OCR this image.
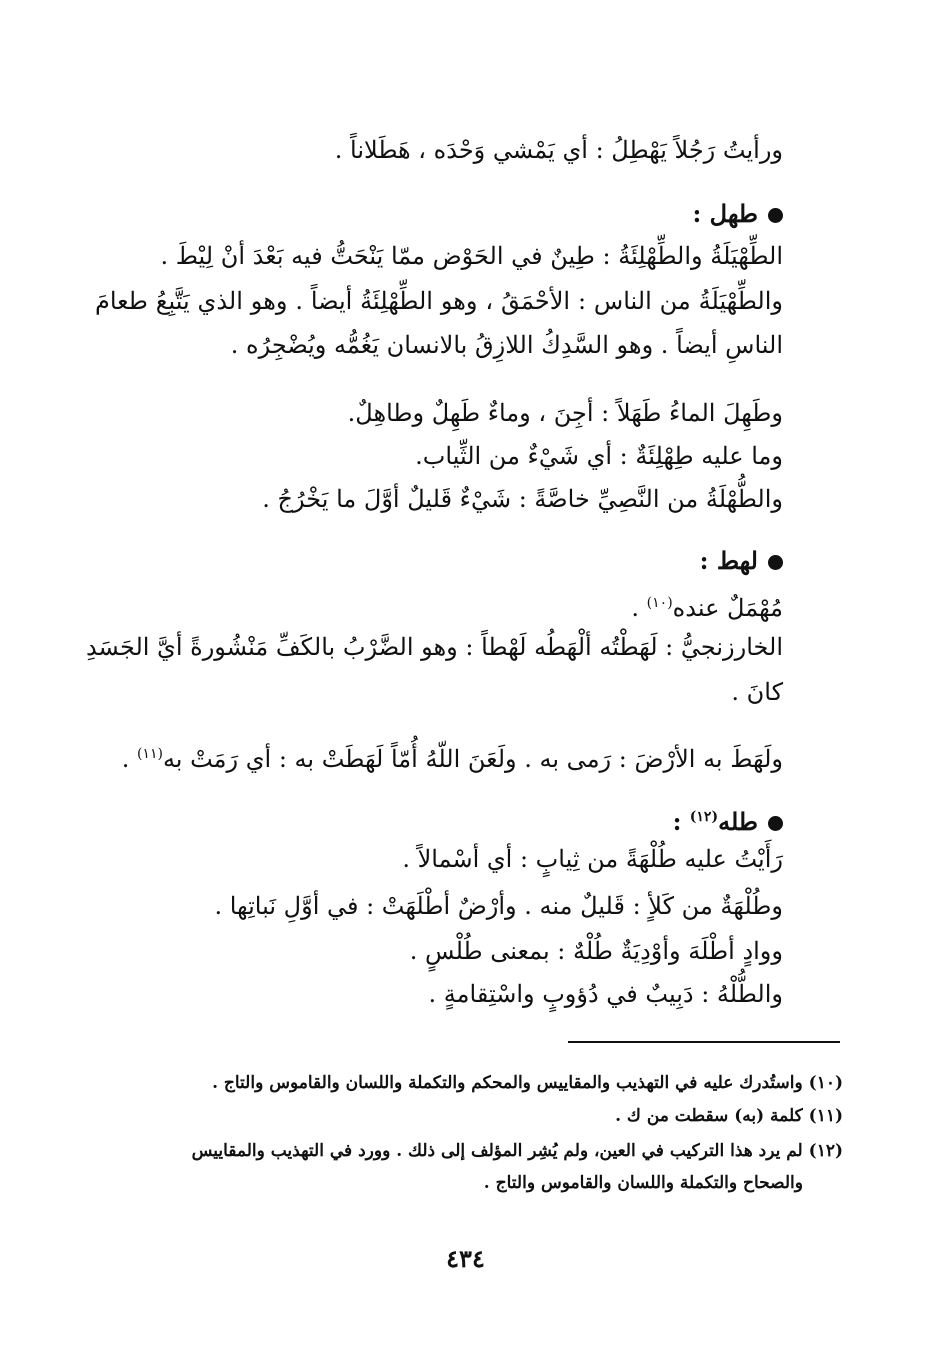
ورأيتُ رَجُلاً يَهْطِلُ : أي يَمْشي وَحْدَه ، هَطَلاناً .
طهل :
الطِّهْيَلَةُ والطِّهْلِئَةُ : طِينٌ في الحَوْض ممّا يَنْحَتُّ فيه بَعْدَ أنْ لِيْطَ .
والطِّهْيَلَةُ من الناس : الأحْمَقُ ، وهو الطِّهْلِئَةُ أيضاً . وهو الذي يَتَّبِعُ طعامَ
الناسِ أيضاً . وهو السَّدِكُ اللازِقُ بالانسان يَغُمُّه ويُضْجِرُه .
وطَهِلَ الماءُ طَهَلاً : أجِنَ ، وماءٌ طَهِلٌ وطاهِلٌ.
وما عليه طِهْلِئَةٌ : أي شَيْءٌ من الثِّياب.
والطُّهْلَةُ من النَّصِيِّ خاصَّةً : شَيْءٌ قَليلٌ أوَّلَ ما يَخْرُجُ .
لهط :
مُهْمَلٌ عنده$^{(١٠)}$ .
الخارزنجيُّ : لَهَطْتُه ألْهَطُه لَهْطاً : وهو الضَّرْبُ بالكَفِّ مَنْشُورةً أيَّ الجَسَدِ
كانَ .
ولَهَطَ به الأرْضَ : رَمى به . ولَعَنَ اللّهُ أُمّاً لَهَطَتْ به : أي رَمَتْ به$^{(١١)}$ .
طله$^{(١٢)}$ :
رَأَيْتُ عليه طُلْهَةً من ثِيابٍ : أي أسْمالاً .
وطُلْهَةٌ من كَلأٍ : قَليلٌ منه . وأرْضٌ أطْلَهَتْ : في أوَّلِ نَباتِها .
ووادٍ أطْلَهَ وأوْدِيَةٌ طُلْهٌ : بمعنى طُلْسٍ .
والطُّلْهُ : دَبِيبٌ في دُؤوبٍ واسْتِقامةٍ .
(١٠) واستُدرك عليه في التهذيب والمقاييس والمحكم والتكملة واللسان والقاموس والتاج .
(١١) كلمة (به) سقطت من ك .
(١٢) لم يرد هذا التركيب في العين، ولم يُشِر المؤلف إلى ذلك . وورد في التهذيب والمقاييس
والصحاح والتكملة واللسان والقاموس والتاج .
٤٣٤
